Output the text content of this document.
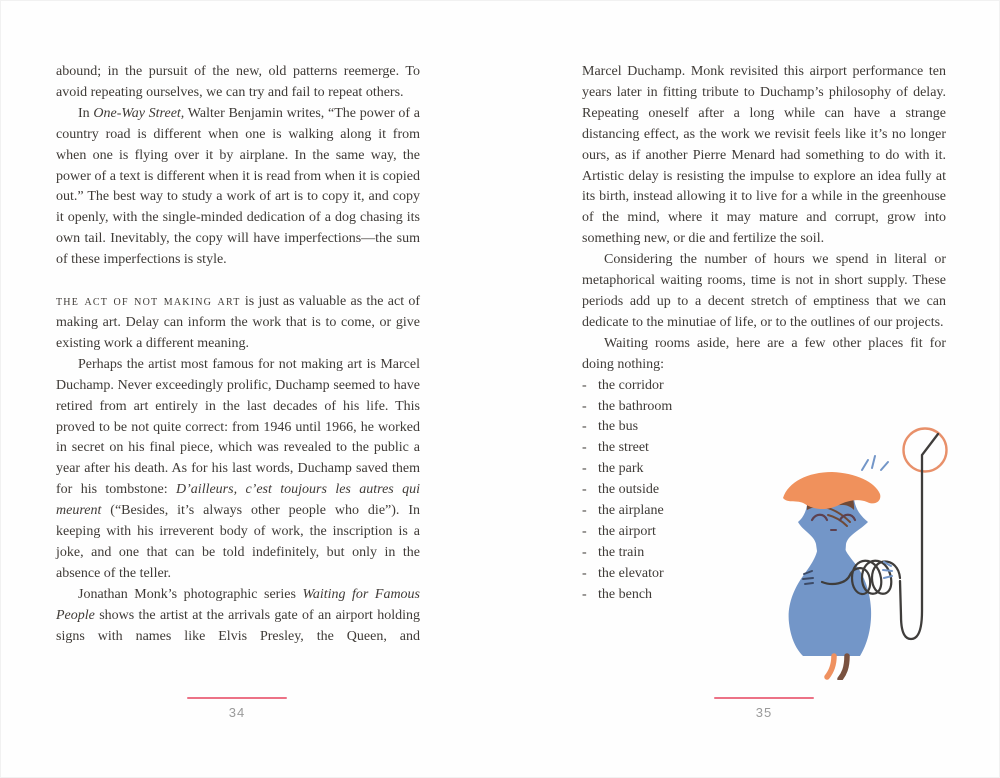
abound; in the pursuit of the new, old patterns reemerge. To avoid repeating ourselves, we can try and fail to repeat others.

In One-Way Street, Walter Benjamin writes, “The power of a country road is different when one is walking along it from when one is flying over it by airplane. In the same way, the power of a text is different when it is read from when it is copied out.” The best way to study a work of art is to copy it, and copy it openly, with the single-minded dedication of a dog chasing its own tail. Inevitably, the copy will have imperfections—the sum of these imperfections is style.

the act of not making art is just as valuable as the act of making art. Delay can inform the work that is to come, or give existing work a different meaning.

Perhaps the artist most famous for not making art is Marcel Duchamp. Never exceedingly prolific, Duchamp seemed to have retired from art entirely in the last decades of his life. This proved to be not quite correct: from 1946 until 1966, he worked in secret on his final piece, which was revealed to the public a year after his death. As for his last words, Duchamp saved them for his tombstone: D’ailleurs, c’est toujours les autres qui meurent (“Besides, it’s always other people who die”). In keeping with his irreverent body of work, the inscription is a joke, and one that can be told indefinitely, but only in the absence of the teller.

Jonathan Monk’s photographic series Waiting for Famous People shows the artist at the arrivals gate of an airport holding signs with names like Elvis Presley, the Queen, and

Marcel Duchamp. Monk revisited this airport performance ten years later in fitting tribute to Duchamp’s philosophy of delay. Repeating oneself after a long while can have a strange distancing effect, as the work we revisit feels like it’s no longer ours, as if another Pierre Menard had something to do with it. Artistic delay is resisting the impulse to explore an idea fully at its birth, instead allowing it to live for a while in the greenhouse of the mind, where it may mature and corrupt, grow into something new, or die and fertilize the soil.

Considering the number of hours we spend in literal or metaphorical waiting rooms, time is not in short supply. These periods add up to a decent stretch of emptiness that we can dedicate to the minutiae of life, or to the outlines of our projects.

Waiting rooms aside, here are a few other places fit for doing nothing:

- the corridor
- the bathroom
- the bus
- the street
- the park
- the outside
- the airplane
- the airport
- the train
- the elevator
- the bench
34	35
